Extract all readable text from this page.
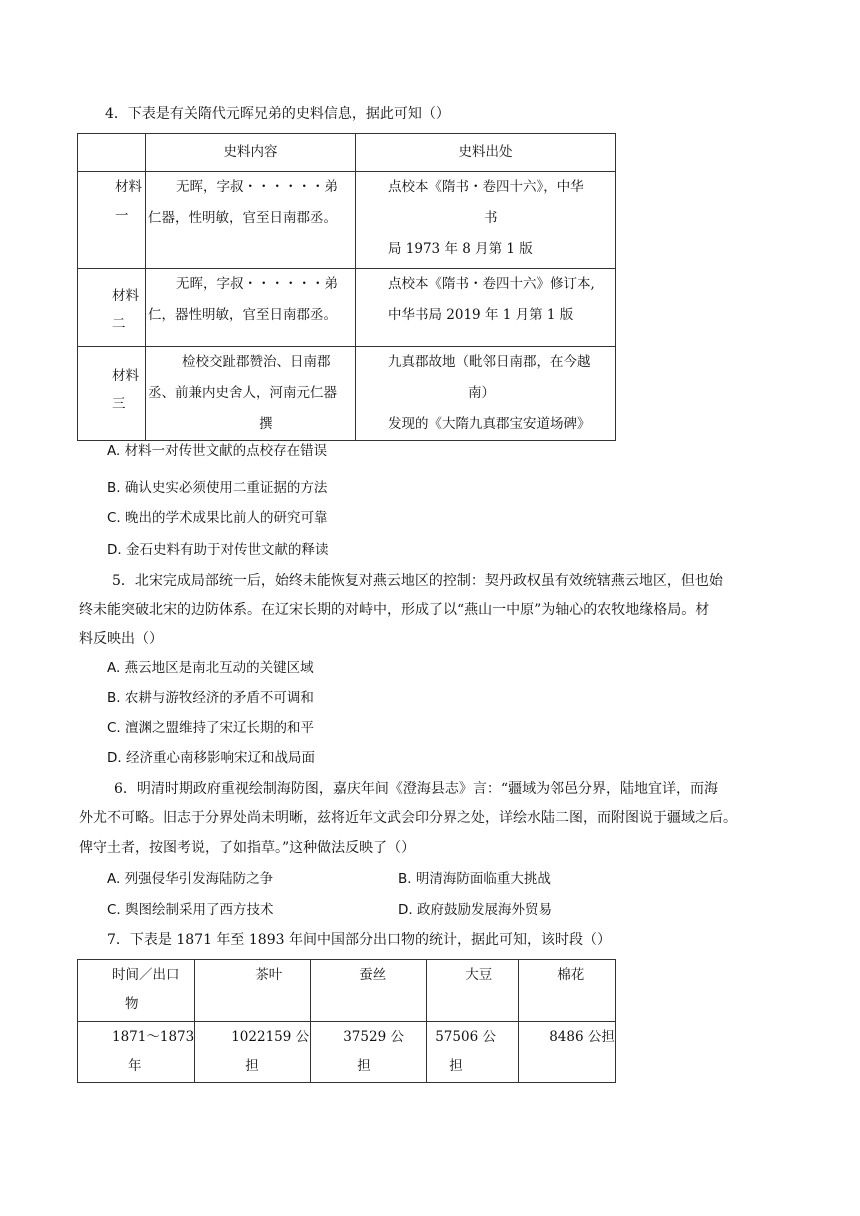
4．下表是有关隋代元晖兄弟的史料信息，据此可知（）
	史料内容	史料出处

材料
一	无晖，字叔・・・・・・弟
仁器，性明敏，官至日南郡丞。	点校本《隋书・卷四十六》，中华
书
局 1973 年 8 月第 1 版

材料
二	无晖，字叔・・・・・・弟
仁，器性明敏，官至日南郡丞。	点校本《隋书・卷四十六》修订本,
中华书局 2019 年 1 月第 1 版

材料
三	检校交趾郡赞治、日南郡
丞、前兼内史舍人，河南元仁器
撰	九真郡故地（毗邻日南郡，在今越
南）
发现的《大隋九真郡宝安道场碑》
A. 材料一对传世文献的点校存在错误
B. 确认史实必须使用二重证据的方法
C. 晚出的学术成果比前人的研究可靠
D. 金石史料有助于对传世文献的释读
5．北宋完成局部统一后，始终未能恢复对燕云地区的控制：契丹政权虽有效统辖燕云地区，但也始
终未能突破北宋的边防体系。在辽宋长期的对峙中，形成了以“燕山一中原”为轴心的农牧地缘格局。材
料反映出（）
A. 燕云地区是南北互动的关键区域
B. 农耕与游牧经济的矛盾不可调和
C. 澶渊之盟维持了宋辽长期的和平
D. 经济重心南移影响宋辽和战局面
6．明清时期政府重视绘制海防图，嘉庆年间《澄海县志》言：“疆域为邻邑分界，陆地宜详，而海
外尤不可略。旧志于分界处尚未明晰，兹将近年文武会印分界之处，详绘水陆二图，而附图说于疆域之后。
俾守土者，按图考说，了如指草。”这种做法反映了（）
A. 列强侵华引发海陆防之争	B. 明清海防面临重大挑战
C. 舆图绘制采用了西方技术	D. 政府鼓励发展海外贸易
7．下表是 1871 年至 1893 年间中国部分出口物的统计，据此可知，该时段（）
时间／出口
物	茶叶	蚕丝	大豆	棉花

1871～1873
年	1022159 公
担	37529 公
担	57506 公
担	8486 公担
